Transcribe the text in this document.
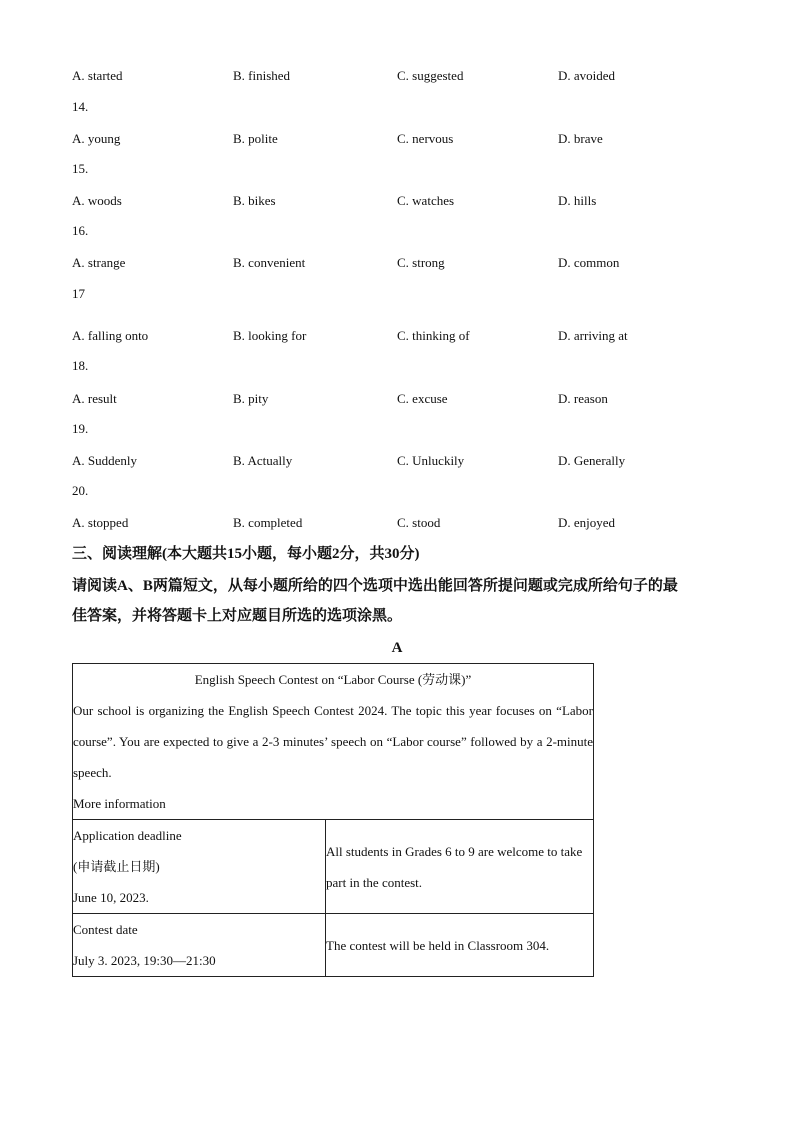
A. started	B. finished	C. suggested	D. avoided
14.
A. young	B. polite	C. nervous	D. brave
15.
A. woods	B. bikes	C. watches	D. hills
16.
A. strange	B. convenient	C. strong	D. common
17
A. falling onto	B. looking for	C. thinking of	D. arriving at
18.
A. result	B. pity	C. excuse	D. reason
19.
A. Suddenly	B. Actually	C. Unluckily	D. Generally
20.
A. stopped	B. completed	C. stood	D. enjoyed
三、阅读理解(本大题共15小题，每小题2分，共30分)
请阅读A、B两篇短文，从每小题所给的四个选项中选出能回答所提问题或完成所给句子的最
佳答案，并将答题卡上对应题目所选的选项涂黑。
A
English Speech Contest on “Labor Course (劳动课)”
Our school is organizing the English Speech Contest 2024. The topic this year focuses on “Labor course”. You are expected to give a 2-3 minutes’ speech on “Labor course” followed by a 2-minute speech.
More information	

Application deadline
(申请截止日期)
June 10, 2023.	All students in Grades 6 to 9 are welcome to take part in the contest.

Contest date
July 3. 2023, 19:30—21:30	The contest will be held in Classroom 304.
